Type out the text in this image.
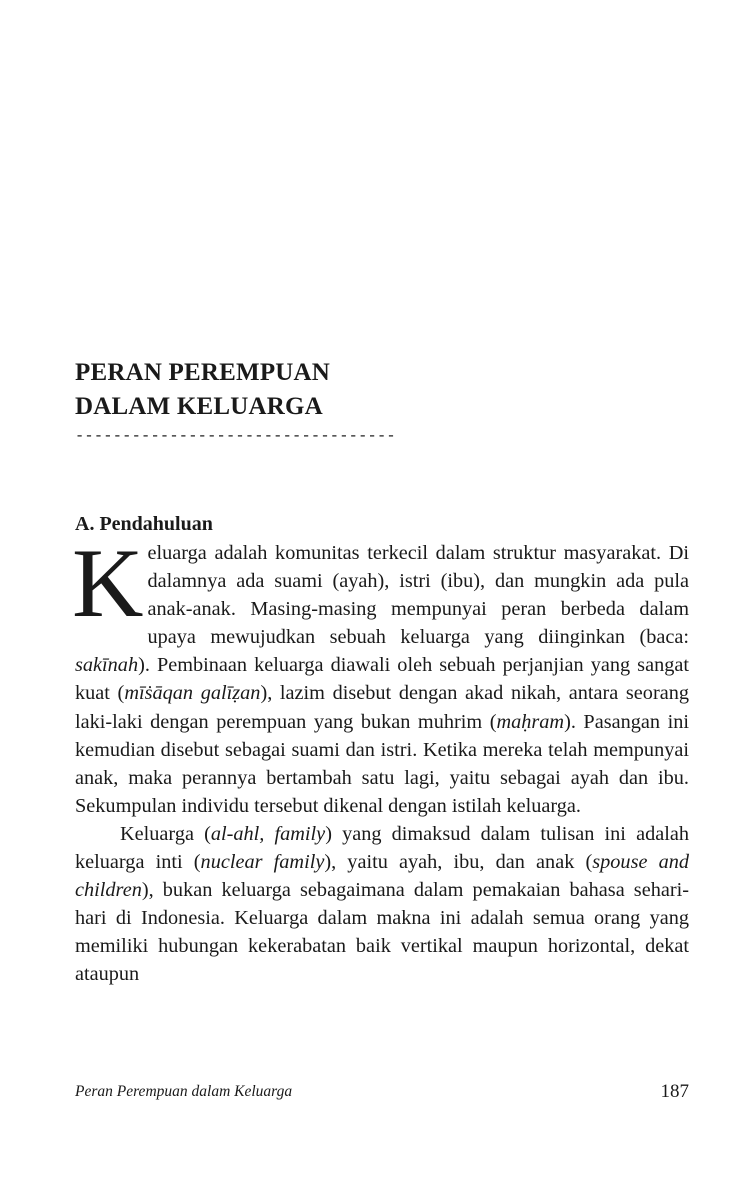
PERAN PEREMPUAN
DALAM KELUARGA
----------------------------------
A. Pendahuluan

Keluarga adalah komunitas terkecil dalam struktur masyarakat. Di dalamnya ada suami (ayah), istri (ibu), dan mungkin ada pula anak-anak. Masing-masing mempunyai peran berbeda dalam upaya mewujudkan sebuah keluarga yang diinginkan (baca: sakīnah). Pembinaan keluarga diawali oleh sebuah perjanjian yang sangat kuat (mīṡāqan galīẓan), lazim disebut dengan akad nikah, antara seorang laki-laki dengan perempuan yang bukan muhrim (maḥram). Pasangan ini kemudian disebut sebagai suami dan istri. Ketika mereka telah mempunyai anak, maka perannya bertambah satu lagi, yaitu sebagai ayah dan ibu. Sekumpulan individu tersebut dikenal dengan istilah keluarga.

Keluarga (al-ahl, family) yang dimaksud dalam tulisan ini adalah keluarga inti (nuclear family), yaitu ayah, ibu, dan anak (spouse and children), bukan keluarga sebagaimana dalam pemakaian bahasa sehari-hari di Indonesia. Keluarga dalam makna ini adalah semua orang yang memiliki hubungan kekerabatan baik vertikal maupun horizontal, dekat ataupun

Peran Perempuan dalam Keluarga	187
